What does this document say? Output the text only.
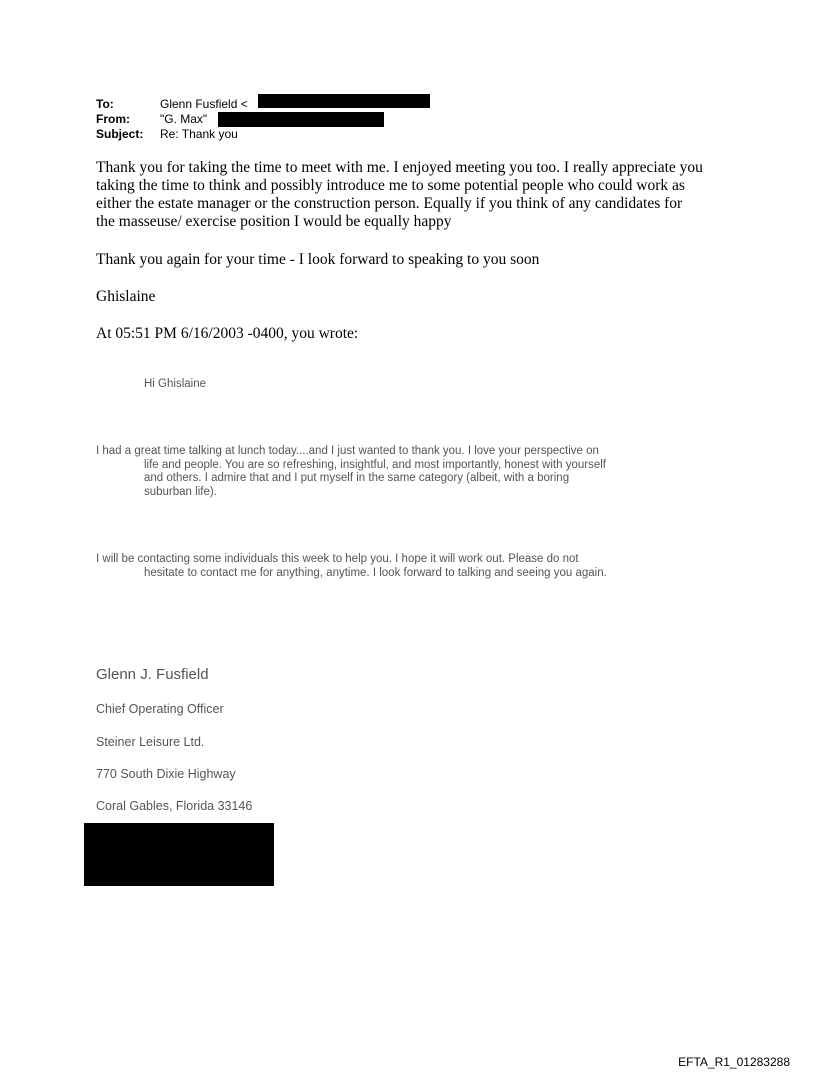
To:	Glenn Fusfield <
From:	"G. Max"
Subject: Re: Thank you
Thank you for taking the time to meet with me. I enjoyed meeting you too. I really appreciate you
taking the time to think and possibly introduce me to some potential people who could work as
either the estate manager or the construction person. Equally if you think of any candidates for
the masseuse/ exercise position I would be equally happy
Thank you again for your time - I look forward to speaking to you soon
Ghislaine
At 05:51 PM 6/16/2003 -0400, you wrote:
Hi Ghislaine
I had a great time talking at lunch today....and I just wanted to thank you. I love your perspective on
life and people. You are so refreshing, insightful, and most importantly, honest with yourself
and others. I admire that and I put myself in the same category (albeit, with a boring
suburban life).
I will be contacting some individuals this week to help you. I hope it will work out. Please do not
hesitate to contact me for anything, anytime. I look forward to talking and seeing you again.
Glenn J. Fusfield
Chief Operating Officer
Steiner Leisure Ltd.
770 South Dixie Highway
Coral Gables, Florida 33146
EFTA_R1_01283288
